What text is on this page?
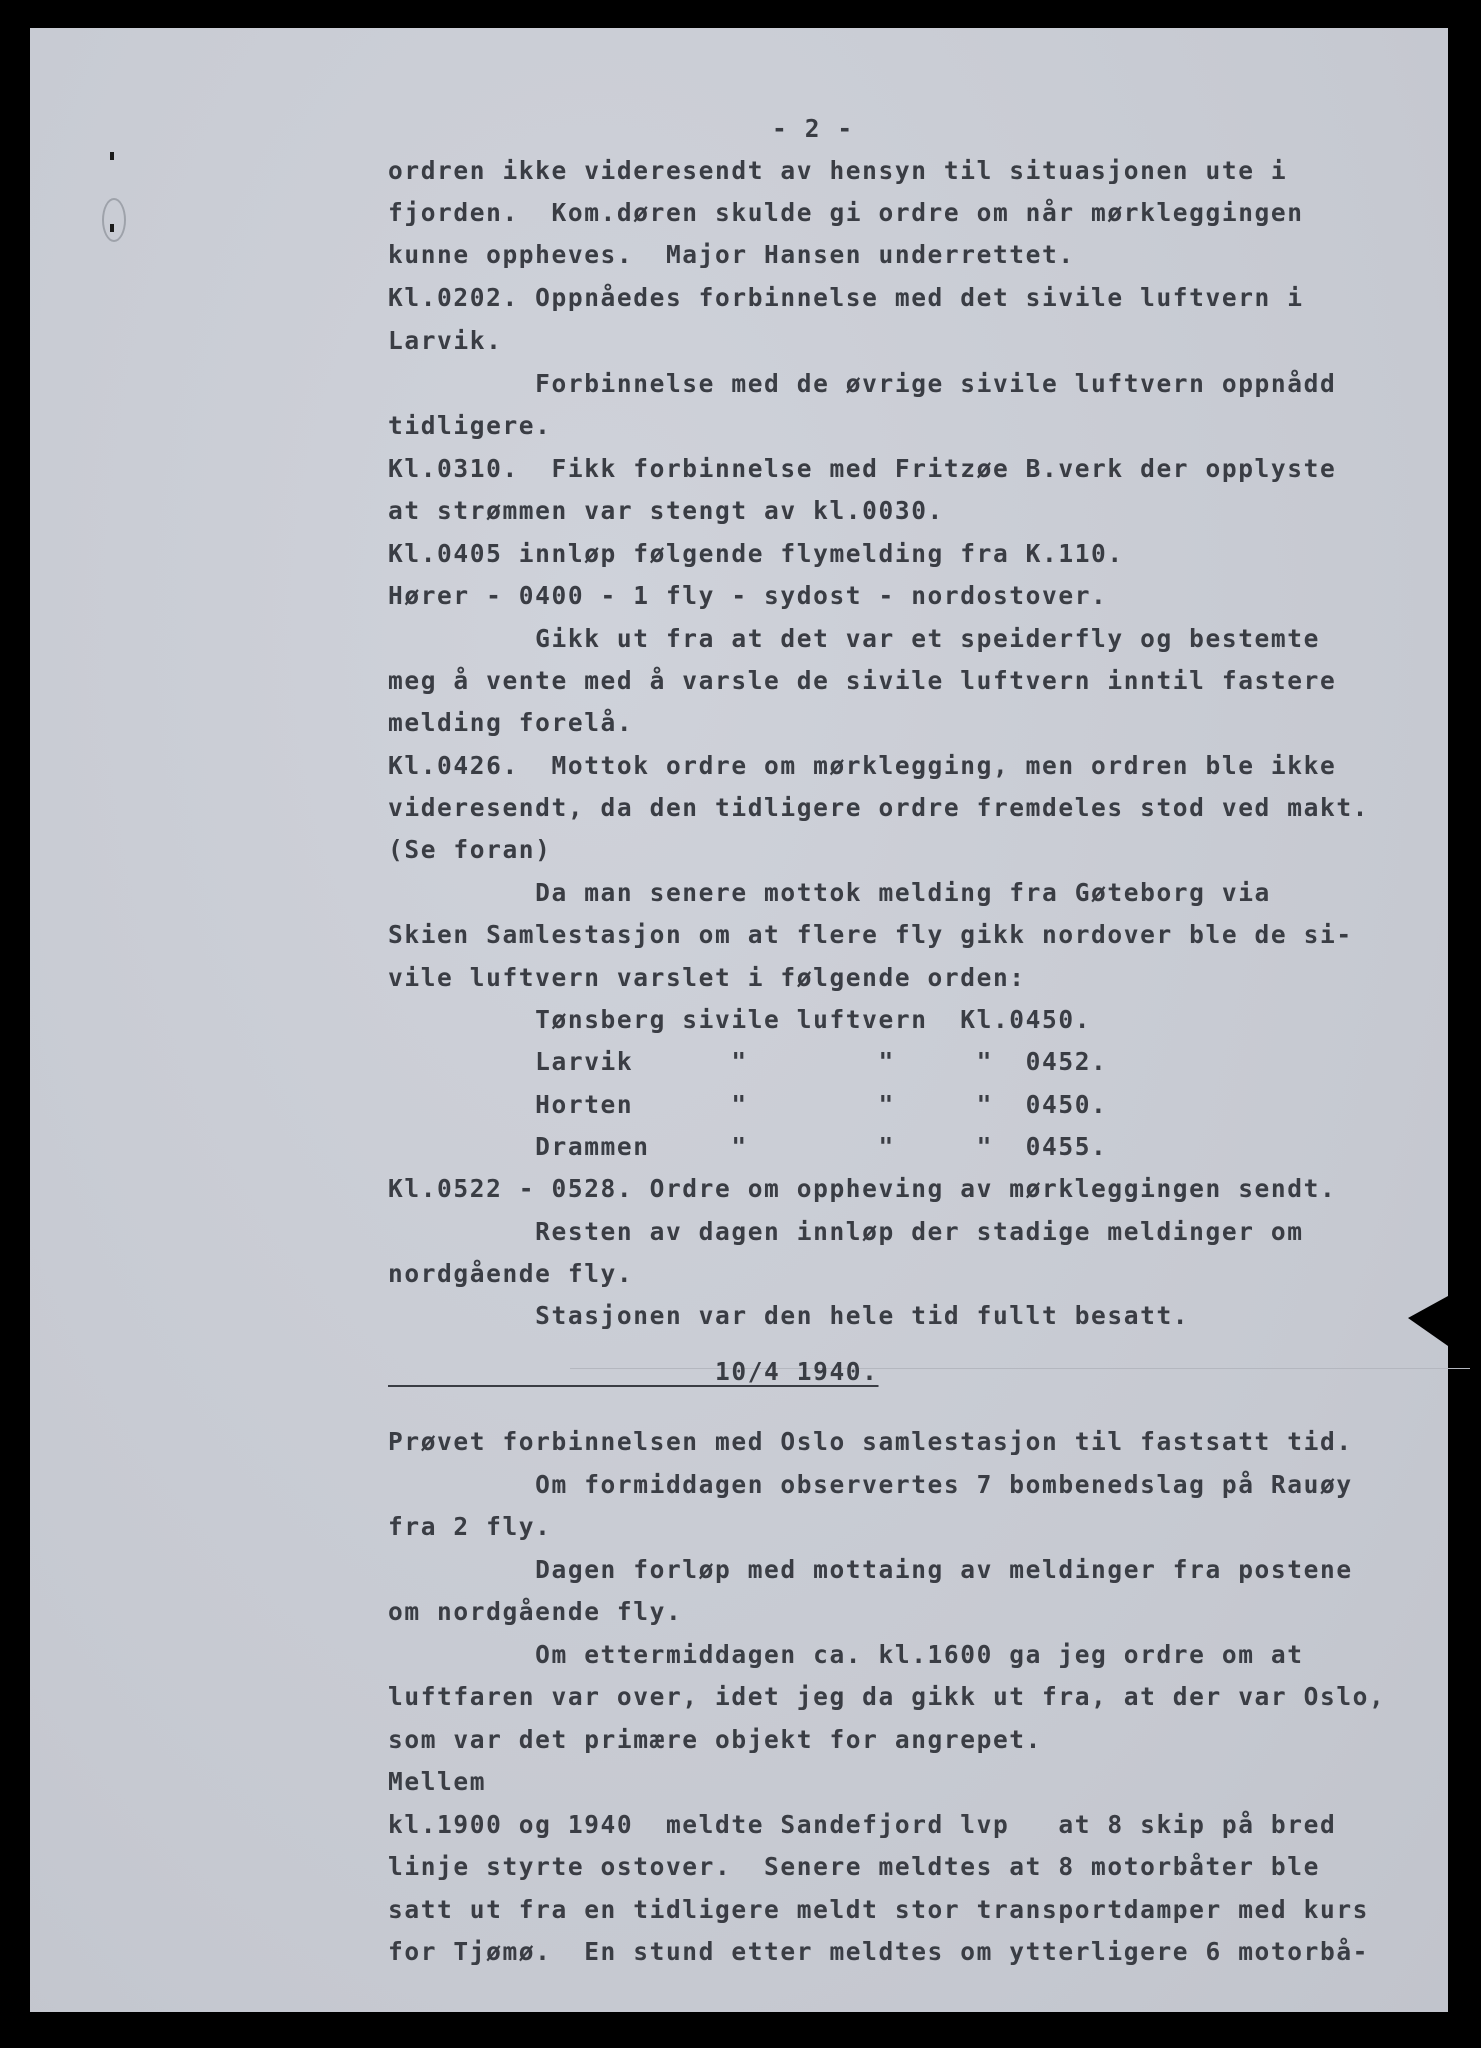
- 2 -
ordren ikke videresendt av hensyn til situasjonen ute i
fjorden.  Kom.døren skulde gi ordre om når mørkleggingen
kunne oppheves.  Major Hansen underrettet.
Kl.0202. Oppnåedes forbinnelse med det sivile luftvern i
Larvik.
Forbinnelse med de øvrige sivile luftvern oppnådd
tidligere.
Kl.0310.  Fikk forbinnelse med Fritzøe B.verk der opplyste
at strømmen var stengt av kl.0030.
Kl.0405 innløp følgende flymelding fra K.110.
Hører - 0400 - 1 fly - sydost - nordostover.
Gikk ut fra at det var et speiderfly og bestemte
meg å vente med å varsle de sivile luftvern inntil fastere
melding forelå.
Kl.0426.  Mottok ordre om mørklegging, men ordren ble ikke
videresendt, da den tidligere ordre fremdeles stod ved makt.
(Se foran)
Da man senere mottok melding fra Gøteborg via
Skien Samlestasjon om at flere fly gikk nordover ble de si-
vile luftvern varslet i følgende orden:
Tønsberg sivile luftvern  Kl.0450.
Larvik      "        "     "  0452.
Horten      "        "     "  0450.
Drammen     "        "     "  0455.
Kl.0522 - 0528. Ordre om oppheving av mørkleggingen sendt.
Resten av dagen innløp der stadige meldinger om
nordgående fly.
Stasjonen var den hele tid fullt besatt.
10/4 1940.
Prøvet forbinnelsen med Oslo samlestasjon til fastsatt tid.
Om formiddagen observertes 7 bombenedslag på Rauøy
fra 2 fly.
Dagen forløp med mottaing av meldinger fra postene
om nordgående fly.
Om ettermiddagen ca. kl.1600 ga jeg ordre om at
luftfaren var over, idet jeg da gikk ut fra, at der var Oslo,
som var det primære objekt for angrepet.
Mellem
kl.1900 og 1940  meldte Sandefjord lvp   at 8 skip på bred
linje styrte ostover.  Senere meldtes at 8 motorbåter ble
satt ut fra en tidligere meldt stor transportdamper med kurs
for Tjømø.  En stund etter meldtes om ytterligere 6 motorbå-
